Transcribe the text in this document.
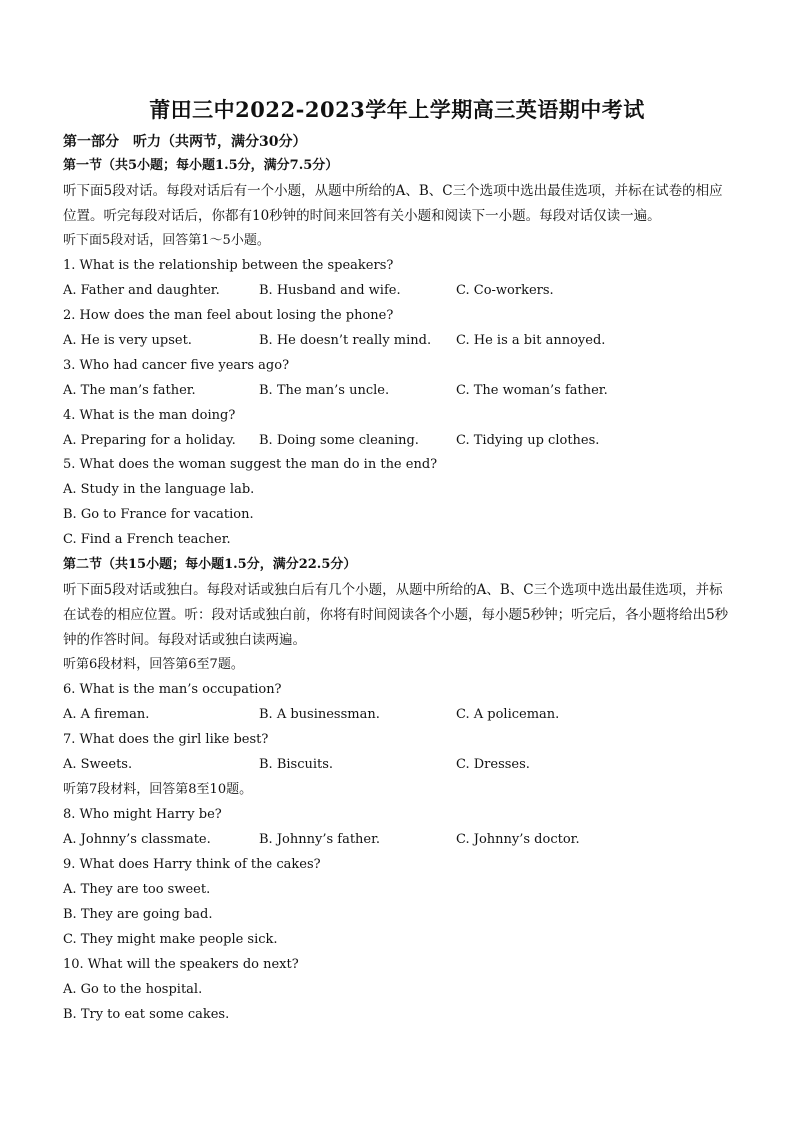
莆田三中2022-2023学年上学期高三英语期中考试
第一部分　听力（共两节，满分30分）
第一节（共5小题；每小题1.5分，满分7.5分）
听下面5段对话。每段对话后有一个小题，从题中所给的A、B、C三个选项中选出最佳选项，并标在试卷的相应位置。听完每段对话后，你都有10秒钟的时间来回答有关小题和阅读下一小题。每段对话仅读一遍。
听下面5段对话，回答第1～5小题。
1. What is the relationship between the speakers?
A. Father and daughter.	B. Husband and wife.	C. Co-workers.
2. How does the man feel about losing the phone?
A. He is very upset.	B. He doesn’t really mind. C. He is a bit annoyed.
3. Who had cancer five years ago?
A. The man’s father.	B. The man’s uncle.	C. The woman’s father.
4. What is the man doing?
A. Preparing for a holiday. B. Doing some cleaning.	C. Tidying up clothes.
5. What does the woman suggest the man do in the end?
A. Study in the language lab.
B. Go to France for vacation.
C. Find a French teacher.
第二节（共15小题；每小题1.5分，满分22.5分）
听下面5段对话或独白。每段对话或独白后有几个小题，从题中所给的A、B、C三个选项中选出最佳选项，并标在试卷的相应位置。听：段对话或独白前，你将有时间阅读各个小题，每小题5秒钟；听完后，各小题将给出5秒钟的作答时间。每段对话或独白读两遍。
听第6段材料，回答第6至7题。
6. What is the man’s occupation?
A. A fireman.	B. A businessman.	C. A policeman.
7. What does the girl like best?
A. Sweets.	B. Biscuits.	C. Dresses.
听第7段材料，回答第8至10题。
8. Who might Harry be?
A. Johnny’s classmate.	B. Johnny’s father.	C. Johnny’s doctor.
9. What does Harry think of the cakes?
A. They are too sweet.
B. They are going bad.
C. They might make people sick.
10. What will the speakers do next?
A. Go to the hospital.
B. Try to eat some cakes.
